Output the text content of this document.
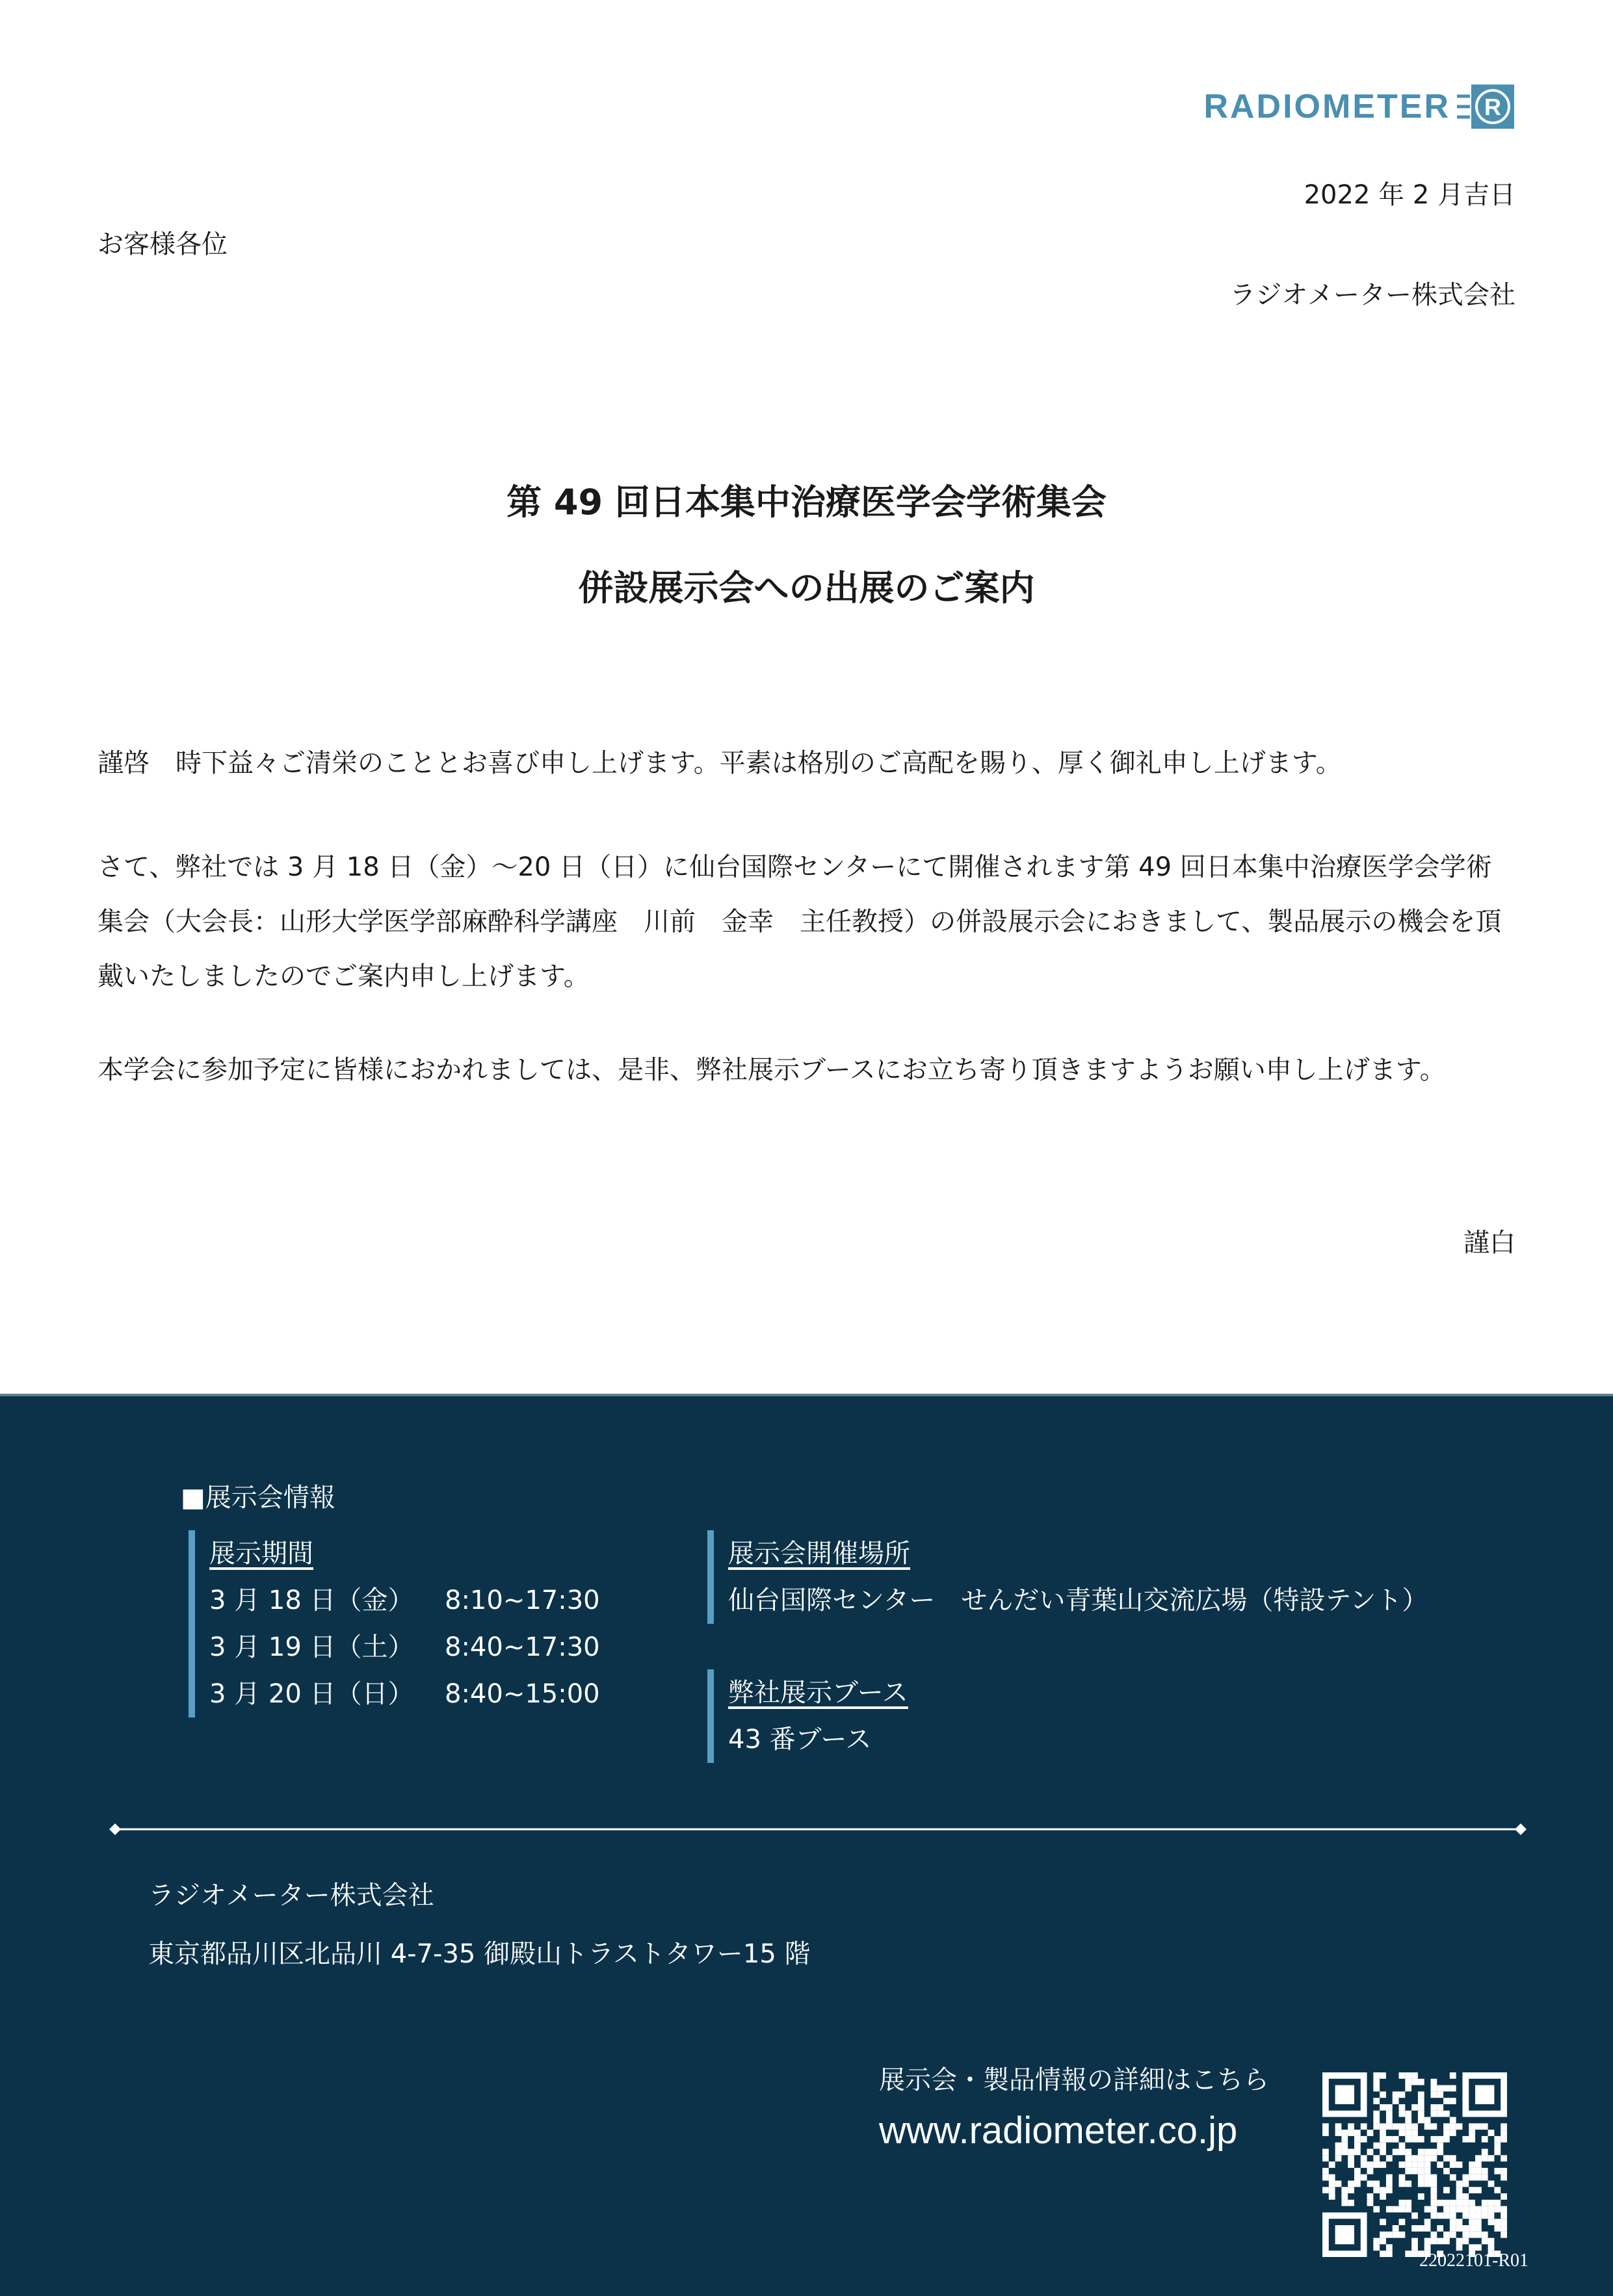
RADIOMETER R
2022 年 2 月吉日
お客様各位
ラジオメーター株式会社
第 49 回日本集中治療医学会学術集会
併設展示会への出展のご案内
謹啓　時下益々ご清栄のこととお喜び申し上げます。平素は格別のご高配を賜り、厚く御礼申し上げます。
さて、弊社では 3 月 18 日（金）～20 日（日）に仙台国際センターにて開催されます第 49 回日本集中治療医学会学術集会（大会長：山形大学医学部麻酔科学講座　川前　金幸　主任教授）の併設展示会におきまして、製品展示の機会を頂戴いたしましたのでご案内申し上げます。
本学会に参加予定に皆様におかれましては、是非、弊社展示ブースにお立ち寄り頂きますようお願い申し上げます。
謹白
■展示会情報
展示期間
3 月 18 日（金）	8:10~17:30
3 月 19 日（土）	8:40~17:30
3 月 20 日（日）	8:40~15:00
展示会開催場所
仙台国際センター　せんだい青葉山交流広場（特設テント）
弊社展示ブース
43 番ブース
ラジオメーター株式会社
東京都品川区北品川 4-7-35 御殿山トラストタワー15 階
展示会・製品情報の詳細はこちら
www.radiometer.co.jp
22022101-R01
